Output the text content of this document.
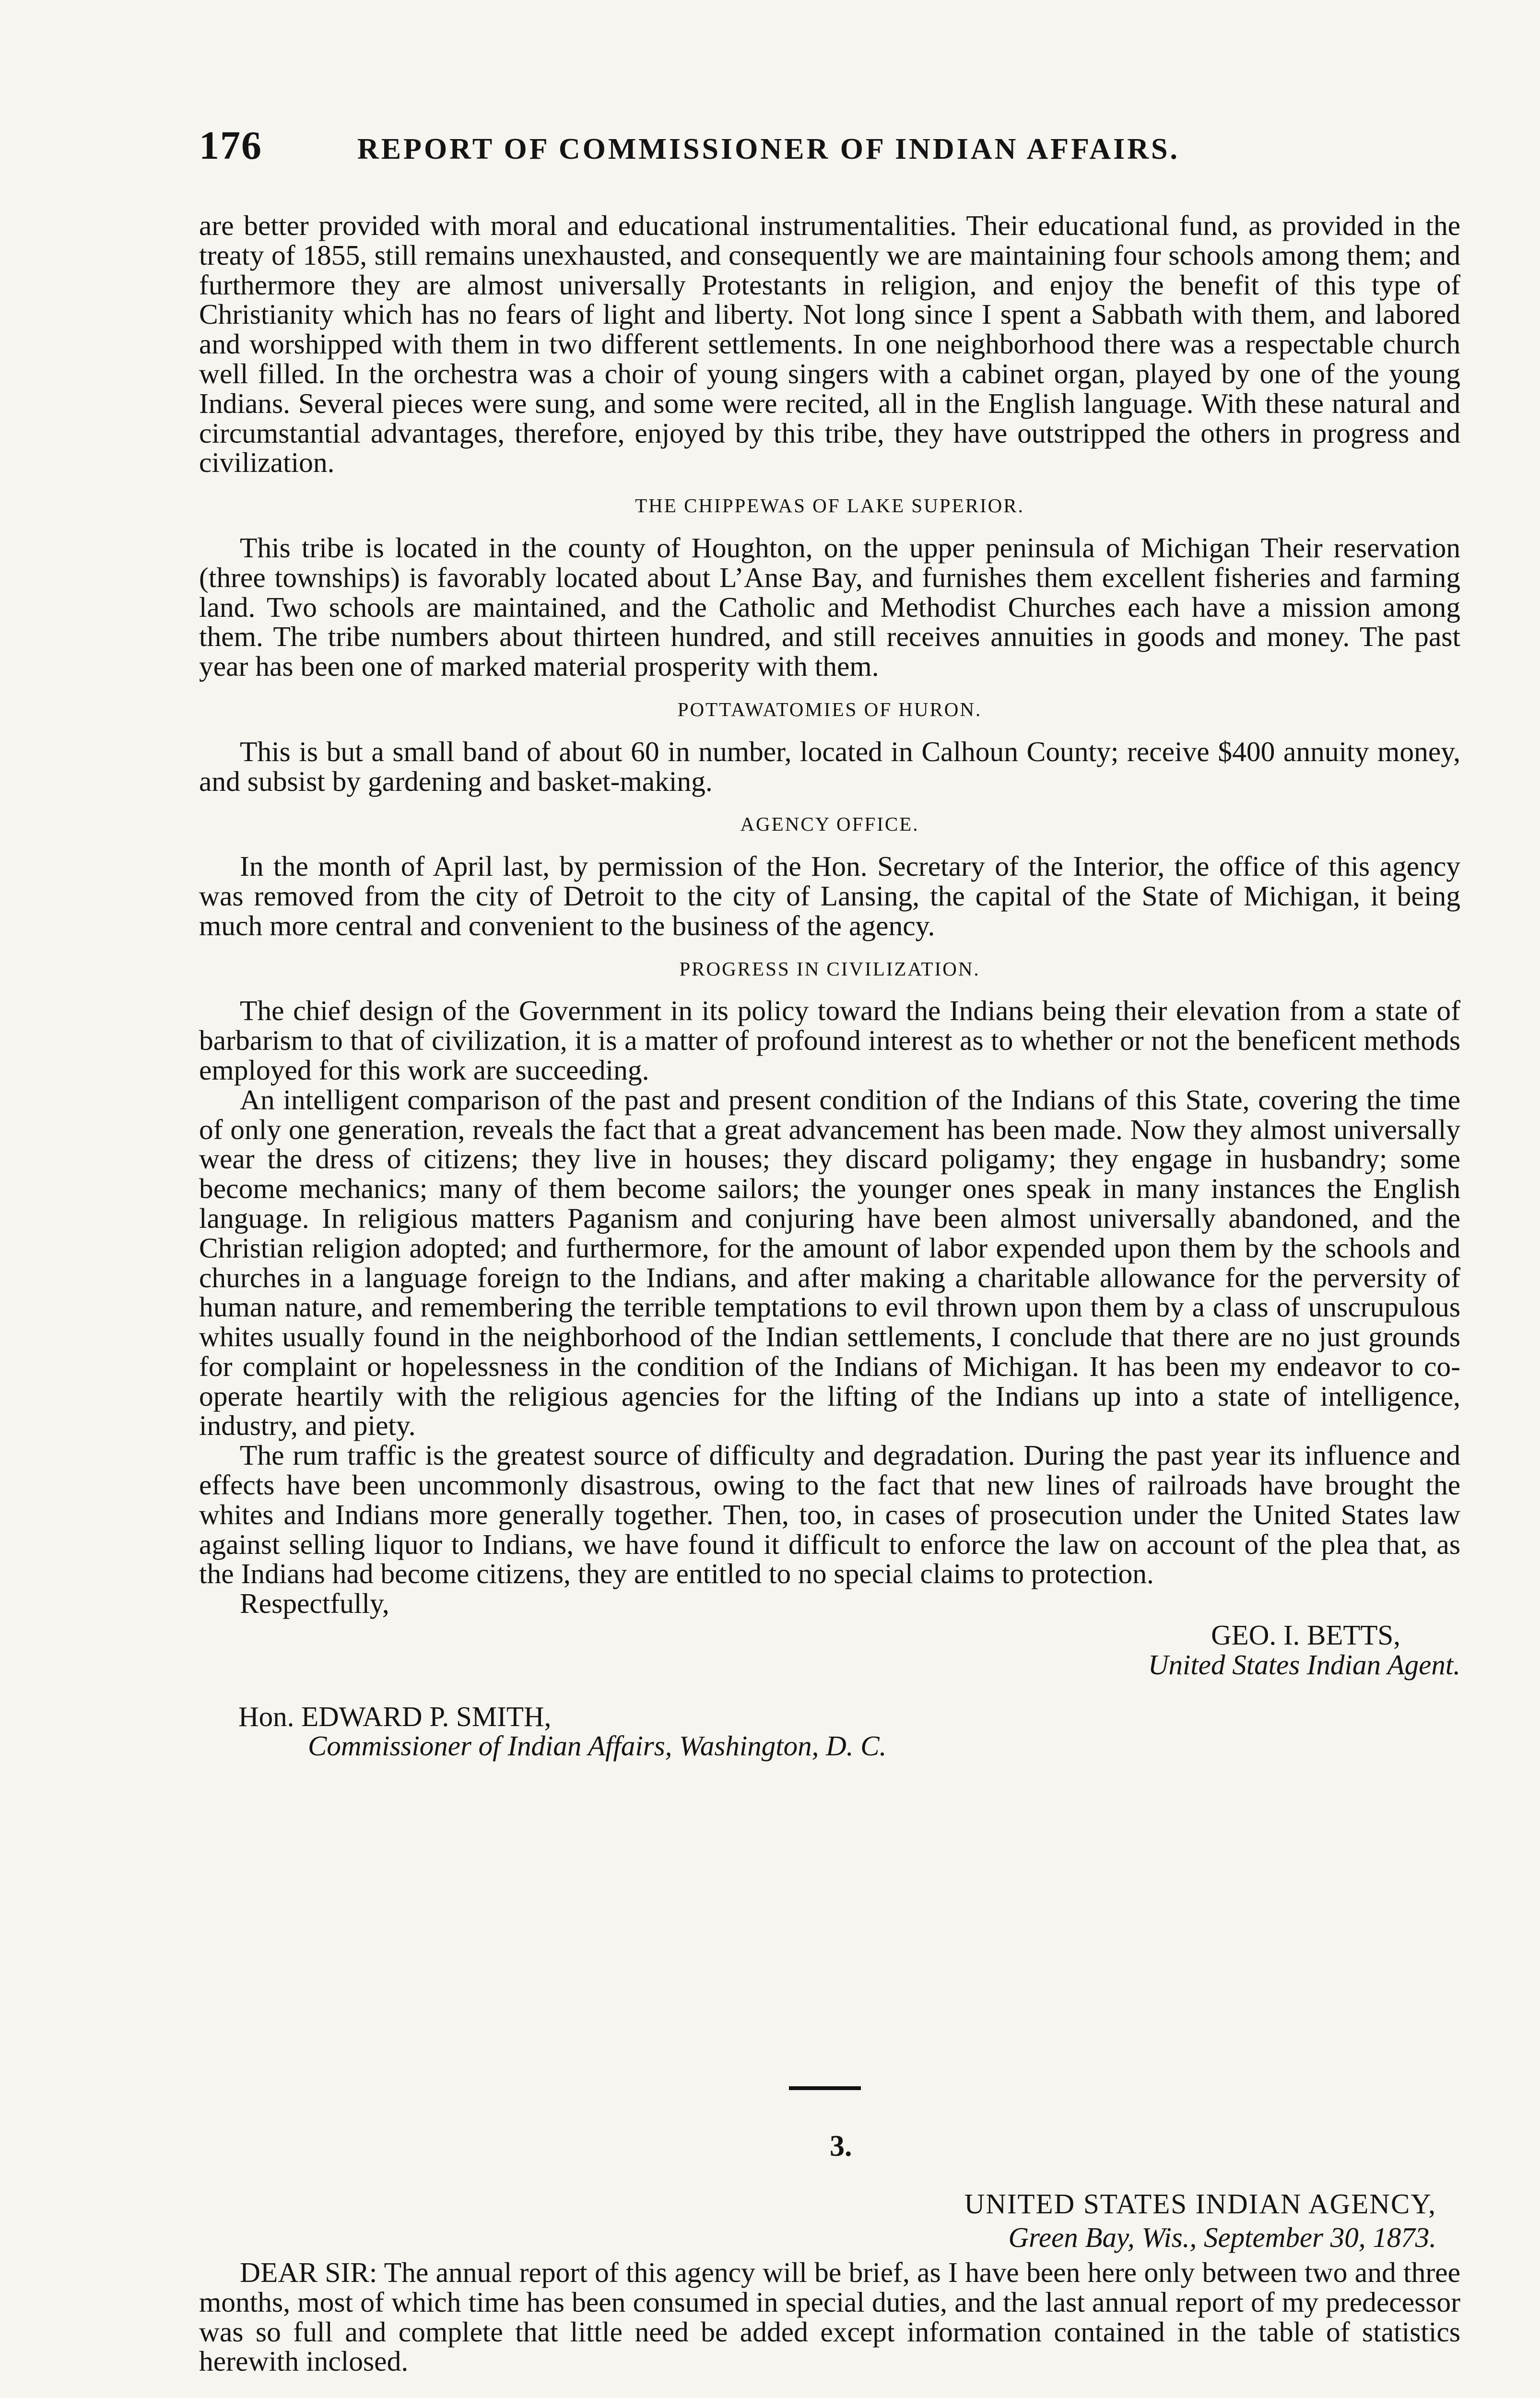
176	REPORT OF COMMISSIONER OF INDIAN AFFAIRS.

are better provided with moral and educational instrumentalities. Their educational fund, as provided in the treaty of 1855, still remains unexhausted, and consequently we are maintaining four schools among them; and furthermore they are almost universally Protestants in religion, and enjoy the benefit of this type of Christianity which has no fears of light and liberty. Not long since I spent a Sabbath with them, and labored and worshipped with them in two different settlements. In one neighborhood there was a respectable church well filled. In the orchestra was a choir of young singers with a cabinet organ, played by one of the young Indians. Several pieces were sung, and some were recited, all in the English language. With these natural and circumstantial advantages, therefore, enjoyed by this tribe, they have outstripped the others in progress and civilization.

THE CHIPPEWAS OF LAKE SUPERIOR.

This tribe is located in the county of Houghton, on the upper peninsula of Michigan Their reservation (three townships) is favorably located about L’Anse Bay, and furnishes them excellent fisheries and farming land. Two schools are maintained, and the Catholic and Methodist Churches each have a mission among them. The tribe numbers about thirteen hundred, and still receives annuities in goods and money. The past year has been one of marked material prosperity with them.

POTTAWATOMIES OF HURON.

This is but a small band of about 60 in number, located in Calhoun County; receive $400 annuity money, and subsist by gardening and basket-making.

AGENCY OFFICE.

In the month of April last, by permission of the Hon. Secretary of the Interior, the office of this agency was removed from the city of Detroit to the city of Lansing, the capital of the State of Michigan, it being much more central and convenient to the business of the agency.

PROGRESS IN CIVILIZATION.

The chief design of the Government in its policy toward the Indians being their elevation from a state of barbarism to that of civilization, it is a matter of profound interest as to whether or not the beneficent methods employed for this work are succeeding.

An intelligent comparison of the past and present condition of the Indians of this State, covering the time of only one generation, reveals the fact that a great advancement has been made. Now they almost universally wear the dress of citizens; they live in houses; they discard poligamy; they engage in husbandry; some become mechanics; many of them become sailors; the younger ones speak in many instances the English language. In religious matters Paganism and conjuring have been almost universally abandoned, and the Christian religion adopted; and furthermore, for the amount of labor expended upon them by the schools and churches in a language foreign to the Indians, and after making a charitable allowance for the perversity of human nature, and remembering the terrible temptations to evil thrown upon them by a class of unscrupulous whites usually found in the neighborhood of the Indian settlements, I conclude that there are no just grounds for complaint or hopelessness in the condition of the Indians of Michigan. It has been my endeavor to co-operate heartily with the religious agencies for the lifting of the Indians up into a state of intelligence, industry, and piety.

The rum traffic is the greatest source of difficulty and degradation. During the past year its influence and effects have been uncommonly disastrous, owing to the fact that new lines of railroads have brought the whites and Indians more generally together. Then, too, in cases of prosecution under the United States law against selling liquor to Indians, we have found it difficult to enforce the law on account of the plea that, as the Indians had become citizens, they are entitled to no special claims to protection.

Respectfully,

GEO. I. BETTS,
United States Indian Agent.
Hon. EDWARD P. SMITH,
Commissioner of Indian Affairs, Washington, D. C.
3.
UNITED STATES INDIAN AGENCY,
Green Bay, Wis., September 30, 1873.

DEAR SIR: The annual report of this agency will be brief, as I have been here only between two and three months, most of which time has been consumed in special duties, and the last annual report of my predecessor was so full and complete that little need be added except information contained in the table of statistics herewith inclosed.
